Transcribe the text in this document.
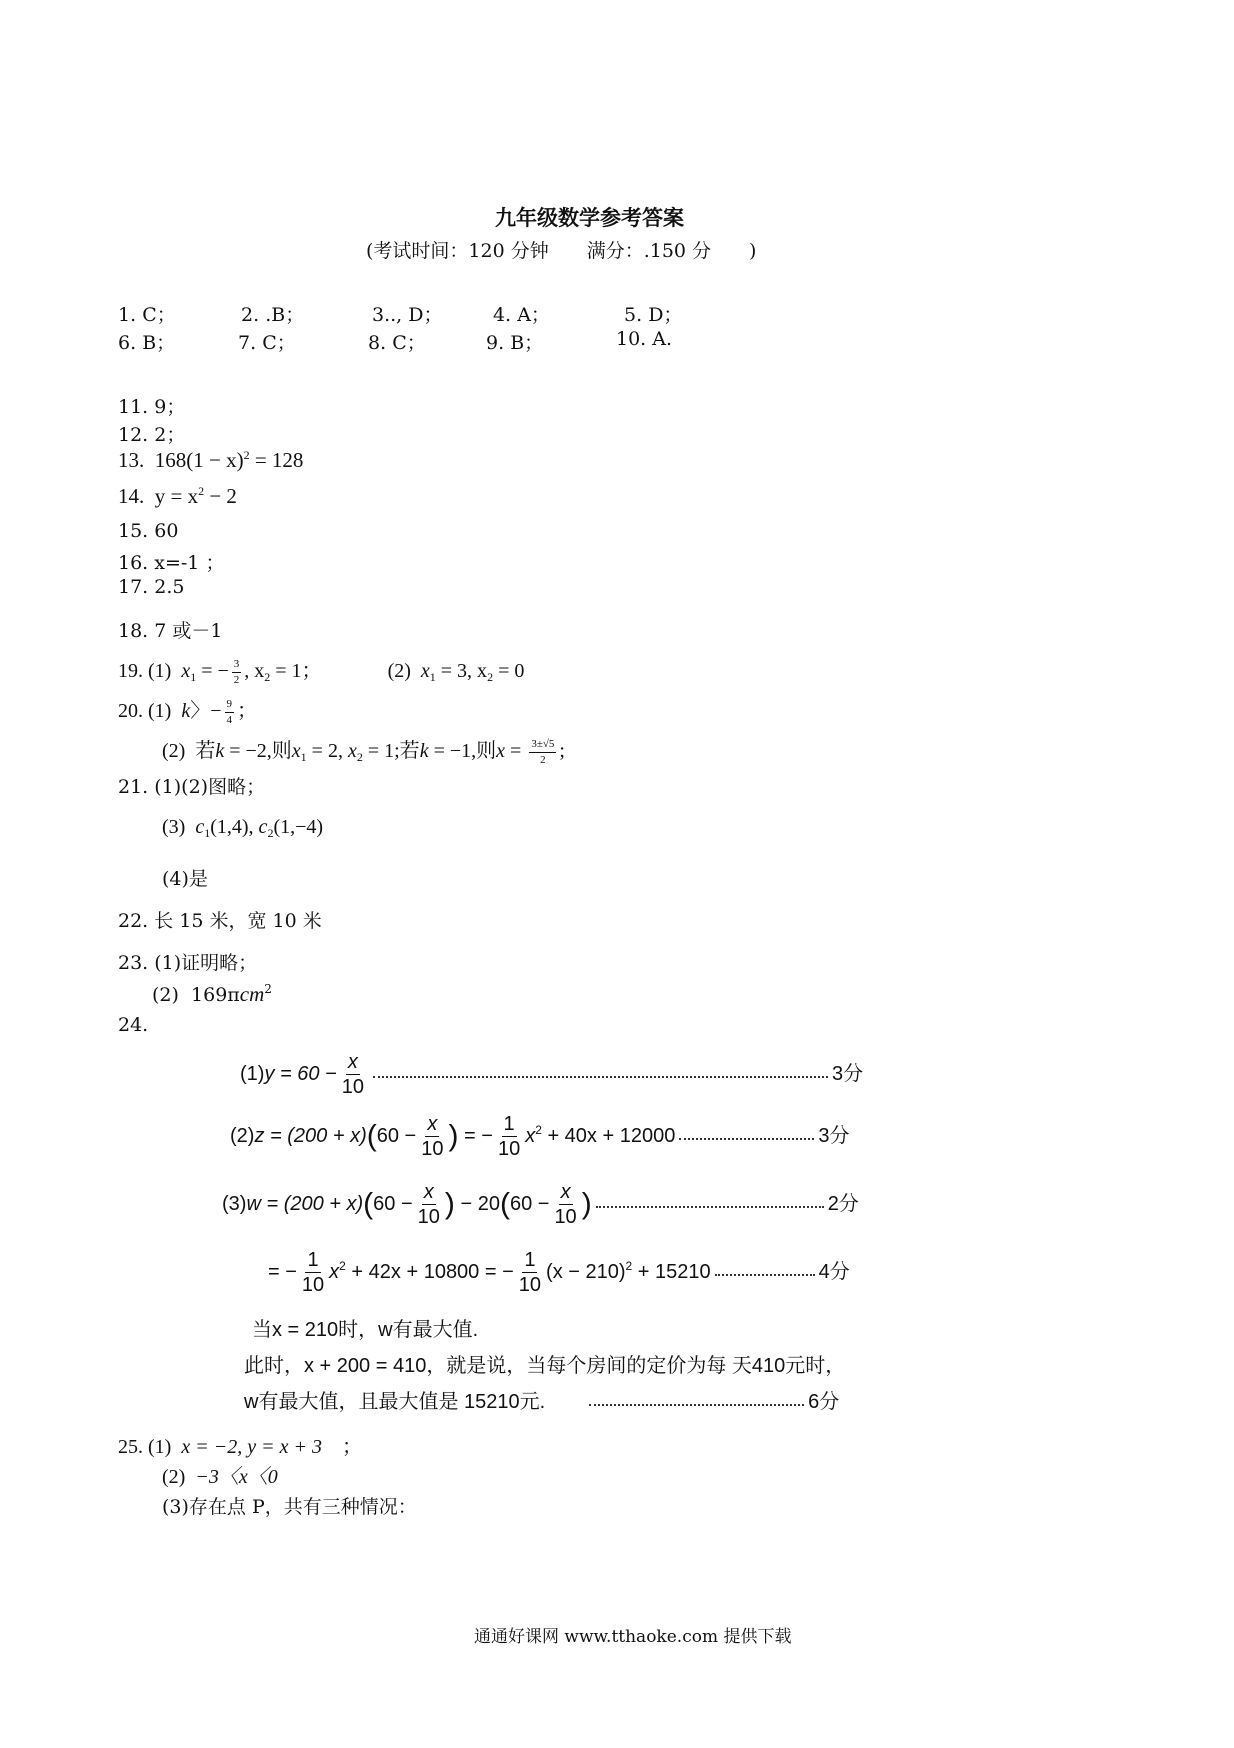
九年级数学参考答案
(考试时间：120 分钟　　满分：.150 分　　)
1. C；	2. .B；	3.., D；	4. A；	5. D；
6. B；	7. C；	8. C；	9. B；	10. A.
11. 9；
12. 2；
13. $168(1 - x)^2 = 128$
14. $y = x^2 - 2$
15. 60
16. x=-1 ；
17. 2.5
18. 7 或－1
19. (1) $x_1$ = − $\frac{3}{2}$ , $x_2 = 1$；	(2) $x_1 = 3$, $x_2 = 0$
20. (1) k〉− $\frac{9}{4}$ ；
(2) 若k = −2,则$x_1 = 2$, $x_2 = 1$;若k = −1,则$x = \frac{3\pm√5}{2}$ ;
21. (1)(2)图略；
(3) $c_1(1,4)$, $c_2(1,-4)$
(4)是
22. 长 15 米，宽 10 米
23. (1)证明略；
(2) 169πcm$^2$
24.
$(1)y = 60 - \frac{x}{10}$	3分
$(2)z = (200 + x)(60 - \frac{x}{10}$ ) = − $\frac{1}{10} x^2 + 40x + 12000$	3分
$(3)w = (200 + x)(60 - \frac{x}{10}$ ) − $20(60 - \frac{x}{10}$ )	2分
= − $\frac{1}{10} x^2 + 42x + 10800$ = − $\frac{1}{10} (x - 210)^2 + 15210$	4分
当x = 210时，w有最大值.
此时，x + 200 = 410，就是说，当每个房间的定价为每 天410元时，
w有最大值，且最大值是 15210元.	6分
25. (1) x = −2, y = x + 3 ；
(2) −3〈x〈0
(3)存在点 P，共有三种情况：
通通好课网 www.tthaoke.com 提供下载
